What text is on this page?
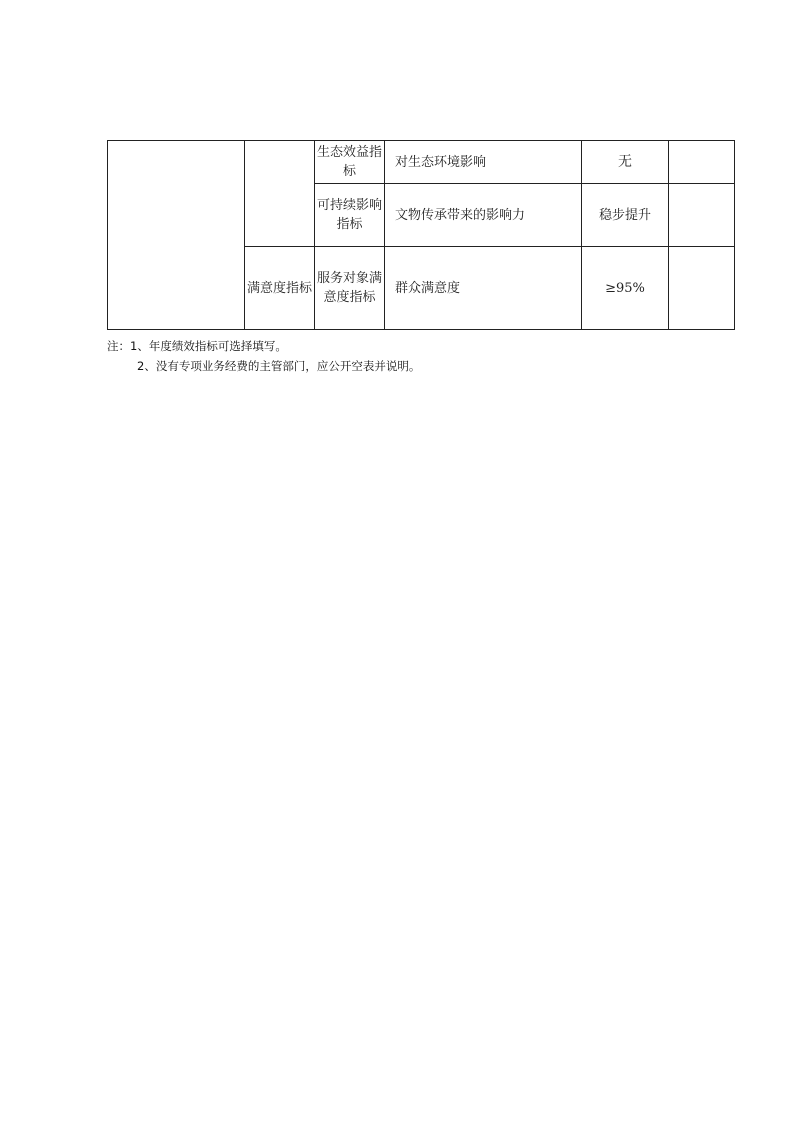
		生态效益指标	对生态环境影响	无	
		可持续影响指标	文物传承带来的影响力	稳步提升	
	满意度指标	服务对象满意度指标	群众满意度	≥95%	
注：1、年度绩效指标可选择填写。
2、没有专项业务经费的主管部门，应公开空表并说明。
